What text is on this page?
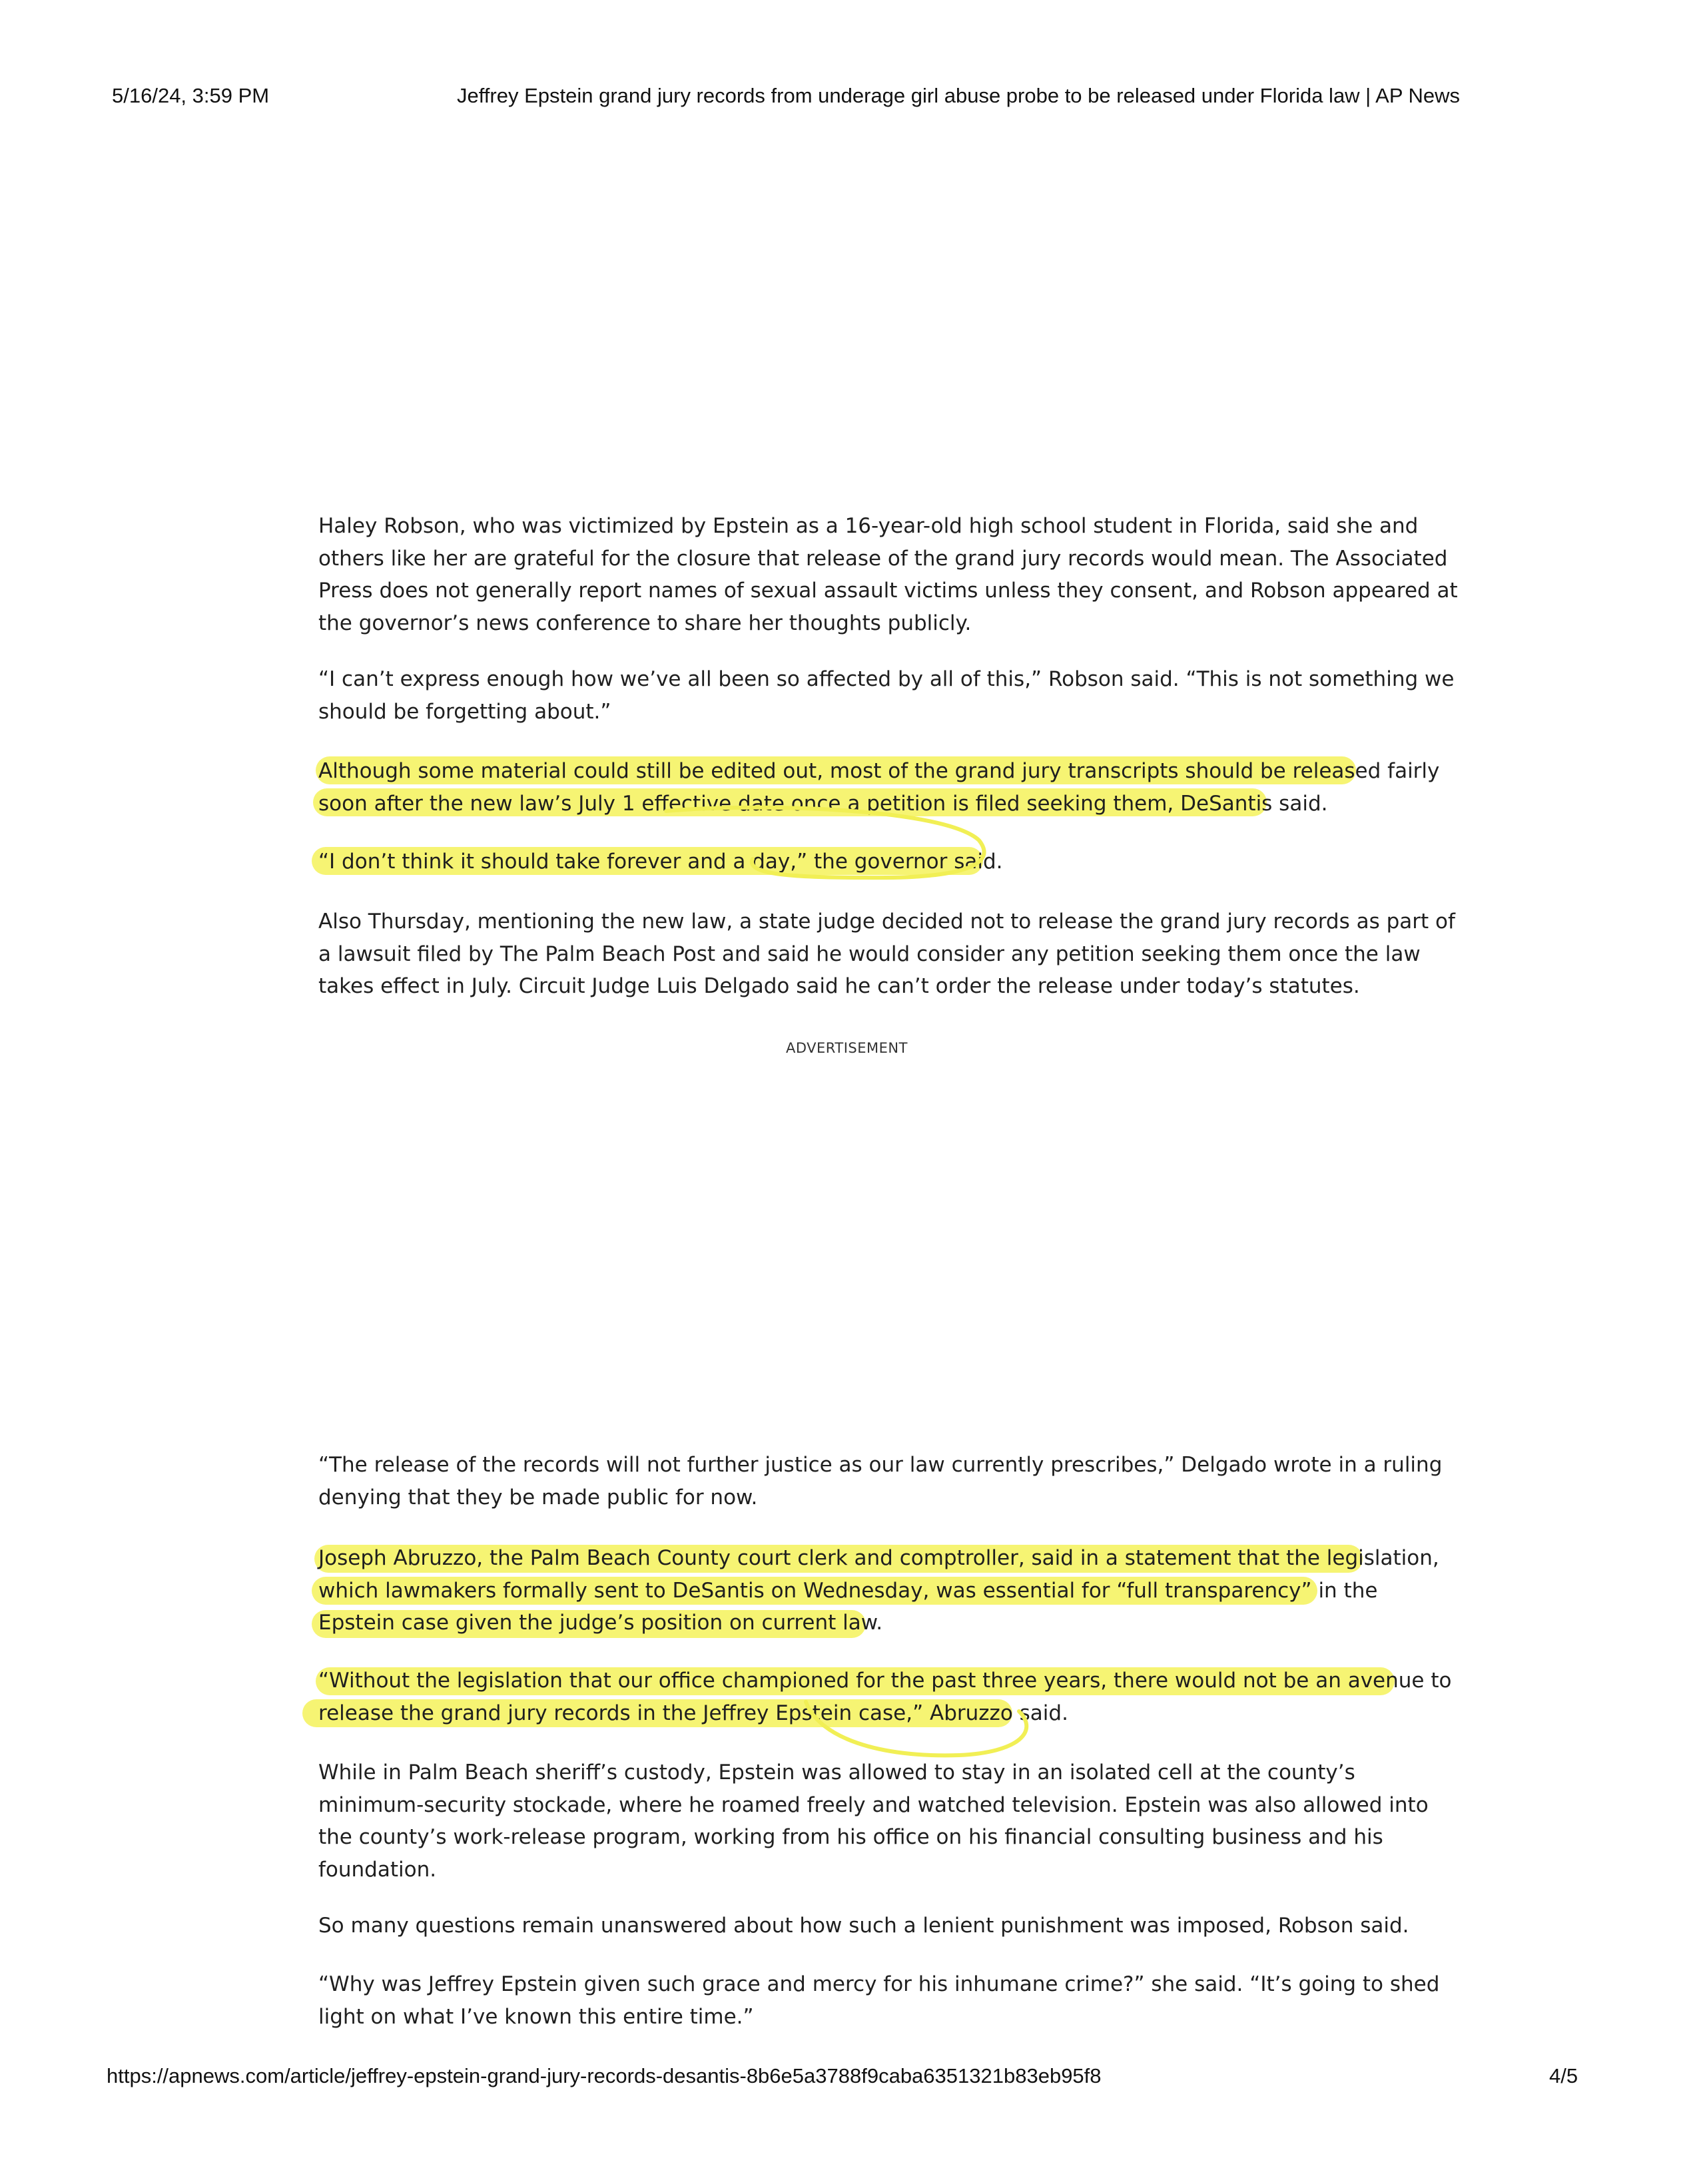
5/16/24, 3:59 PM	Jeffrey Epstein grand jury records from underage girl abuse probe to be released under Florida law | AP News

Haley Robson, who was victimized by Epstein as a 16-year-old high school student in Florida, said she and
others like her are grateful for the closure that release of the grand jury records would mean. The Associated
Press does not generally report names of sexual assault victims unless they consent, and Robson appeared at
the governor’s news conference to share her thoughts publicly.

“I can’t express enough how we’ve all been so affected by all of this,” Robson said. “This is not something we
should be forgetting about.”

Although some material could still be edited out, most of the grand jury transcripts should be released fairly
soon after the new law’s July 1 effective date once a petition is filed seeking them, DeSantis said.

“I don’t think it should take forever and a day,” the governor said.

Also Thursday, mentioning the new law, a state judge decided not to release the grand jury records as part of
a lawsuit filed by The Palm Beach Post and said he would consider any petition seeking them once the law
takes effect in July. Circuit Judge Luis Delgado said he can’t order the release under today’s statutes.

“The release of the records will not further justice as our law currently prescribes,” Delgado wrote in a ruling
denying that they be made public for now.

Joseph Abruzzo, the Palm Beach County court clerk and comptroller, said in a statement that the legislation,
which lawmakers formally sent to DeSantis on Wednesday, was essential for “full transparency” in the
Epstein case given the judge’s position on current law.

“Without the legislation that our office championed for the past three years, there would not be an avenue to
release the grand jury records in the Jeffrey Epstein case,” Abruzzo said.

While in Palm Beach sheriff’s custody, Epstein was allowed to stay in an isolated cell at the county’s
minimum-security stockade, where he roamed freely and watched television. Epstein was also allowed into
the county’s work-release program, working from his office on his financial consulting business and his
foundation.

So many questions remain unanswered about how such a lenient punishment was imposed, Robson said.

“Why was Jeffrey Epstein given such grace and mercy for his inhumane crime?” she said. “It’s going to shed
light on what I’ve known this entire time.”

ADVERTISEMENT
https://apnews.com/article/jeffrey-epstein-grand-jury-records-desantis-8b6e5a3788f9caba6351321b83eb95f8	4/5
